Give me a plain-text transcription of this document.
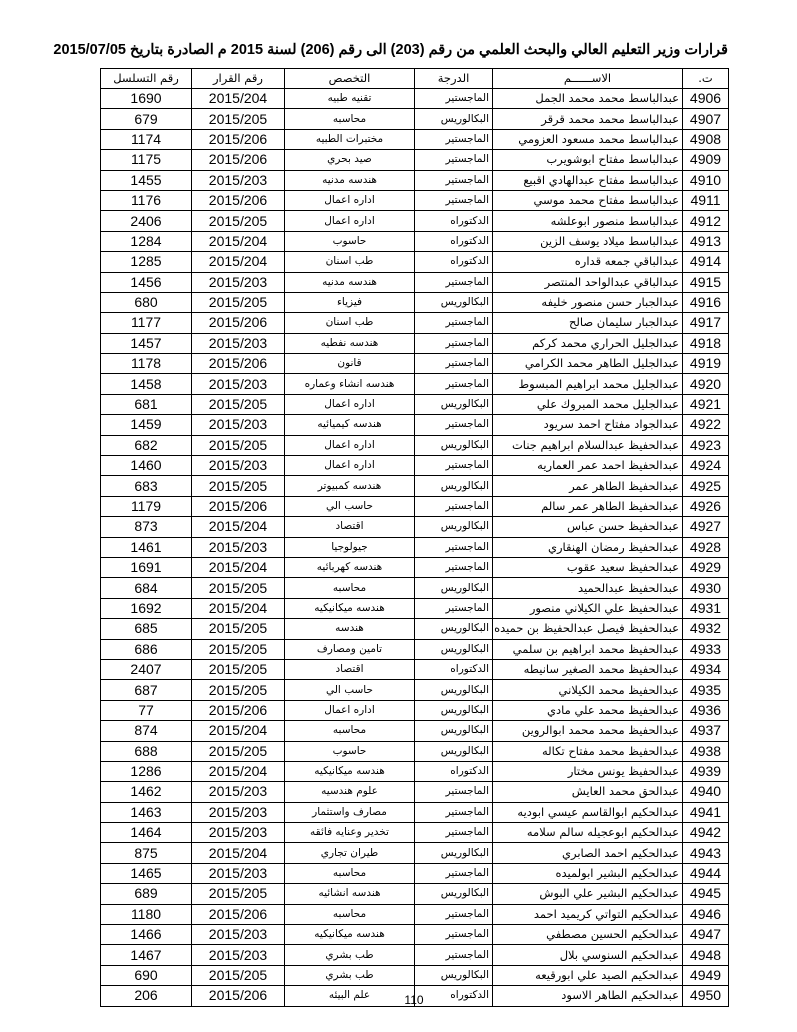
قرارات وزير التعليم العالي والبحث العلمي من رقم (203) الى رقم (206) لسنة 2015 م الصادرة بتاريخ 2015/07/05
ت.	الاســــــم	الدرجة	التخصص	رقم القرار	رقم التسلسل
4906	عبدالباسط محمد محمد الجمل	الماجستير	تقنيه طبيه	2015/204	1690
4907	عبدالباسط محمد محمد قرقر	البكالوريس	محاسبه	2015/205	679
4908	عبدالباسط محمد مسعود العزومي	الماجستير	مختبرات الطبيه	2015/206	1174
4909	عبدالباسط مفتاح ابوشويرب	الماجستير	صيد بحري	2015/206	1175
4910	عبدالباسط مفتاح عبدالهادي اقبيع	الماجستير	هندسه مدنيه	2015/203	1455
4911	عبدالباسط مفتاح محمد موسي	الماجستير	اداره اعمال	2015/206	1176
4912	عبدالباسط منصور ابوعلشه	الدكتوراه	اداره اعمال	2015/205	2406
4913	عبدالباسط ميلاد يوسف الزين	الدكتوراه	حاسوب	2015/204	1284
4914	عبدالباقي جمعه قداره	الدكتوراه	طب اسنان	2015/204	1285
4915	عبدالباقي عبدالواحد المنتصر	الماجستير	هندسه مدنيه	2015/203	1456
4916	عبدالجبار حسن منصور خليفه	البكالوريس	فيزياء	2015/205	680
4917	عبدالجبار سليمان صالح	الماجستير	طب اسنان	2015/206	1177
4918	عبدالجليل الحراري محمد كركم	الماجستير	هندسه نفطيه	2015/203	1457
4919	عبدالجليل الطاهر محمد الكرامي	الماجستير	قانون	2015/206	1178
4920	عبدالجليل محمد ابراهيم المبسوط	الماجستير	هندسه انشاء وعماره	2015/203	1458
4921	عبدالجليل محمد المبروك علي	البكالوريس	اداره اعمال	2015/205	681
4922	عبدالجواد مفتاح احمد سريود	الماجستير	هندسه كيميائيه	2015/203	1459
4923	عبدالحفيظ عبدالسلام ابراهيم جنات	البكالوريس	اداره اعمال	2015/205	682
4924	عبدالحفيظ احمد عمر العماريه	الماجستير	اداره اعمال	2015/203	1460
4925	عبدالحفيظ الطاهر عمر	البكالوريس	هندسه كمبيوتر	2015/205	683
4926	عبدالحفيظ الطاهر عمر سالم	الماجستير	حاسب الي	2015/206	1179
4927	عبدالحفيظ حسن عباس	البكالوريس	اقتصاد	2015/204	873
4928	عبدالحفيظ رمضان الهنقاري	الماجستير	جيولوجيا	2015/203	1461
4929	عبدالحفيظ سعيد عقوب	الماجستير	هندسه كهربائيه	2015/204	1691
4930	عبدالحفيظ عبدالحميد	البكالوريس	محاسبه	2015/205	684
4931	عبدالحفيظ علي الكيلاني منصور	الماجستير	هندسه ميكانيكيه	2015/204	1692
4932	عبدالحفيظ فيصل عبدالحفيظ بن حميده	البكالوريس	هندسه	2015/205	685
4933	عبدالحفيظ محمد ابراهيم بن سلمي	البكالوريس	تامين ومصارف	2015/205	686
4934	عبدالحفيظ محمد الصغير سانيطه	الدكتوراه	اقتصاد	2015/205	2407
4935	عبدالحفيظ محمد الكيلاني	البكالوريس	حاسب الي	2015/205	687
4936	عبدالحفيظ محمد علي مادي	البكالوريس	اداره اعمال	2015/206	77
4937	عبدالحفيظ محمد محمد ابوالروين	البكالوريس	محاسبه	2015/204	874
4938	عبدالحفيظ محمد مفتاح تكاله	البكالوريس	حاسوب	2015/205	688
4939	عبدالحفيظ يونس مختار	الدكتوراه	هندسه ميكانيكيه	2015/204	1286
4940	عبدالحق محمد العايش	الماجستير	علوم هندسيه	2015/203	1462
4941	عبدالحكيم ابوالقاسم عيسي ابوديه	الماجستير	مصارف واستثمار	2015/203	1463
4942	عبدالحكيم ابوعجيله سالم سلامه	الماجستير	تخدير وعنايه فائقه	2015/203	1464
4943	عبدالحكيم احمد الصابري	البكالوريس	طيران تجاري	2015/204	875
4944	عبدالحكيم البشير ابولميده	الماجستير	محاسبه	2015/203	1465
4945	عبدالحكيم البشير علي البوش	البكالوريس	هندسه انشائيه	2015/205	689
4946	عبدالحكيم التواتي كريميد احمد	الماجستير	محاسبه	2015/206	1180
4947	عبدالحكيم الحسين مصطفي	الماجستير	هندسه ميكانيكيه	2015/203	1466
4948	عبدالحكيم السنوسي بلال	الماجستير	طب بشري	2015/203	1467
4949	عبدالحكيم الصيد علي ابورقيعه	البكالوريس	طب بشري	2015/205	690
4950	عبدالحكيم الطاهر الاسود	الدكتوراه	علم البيئه	2015/206	206	110
